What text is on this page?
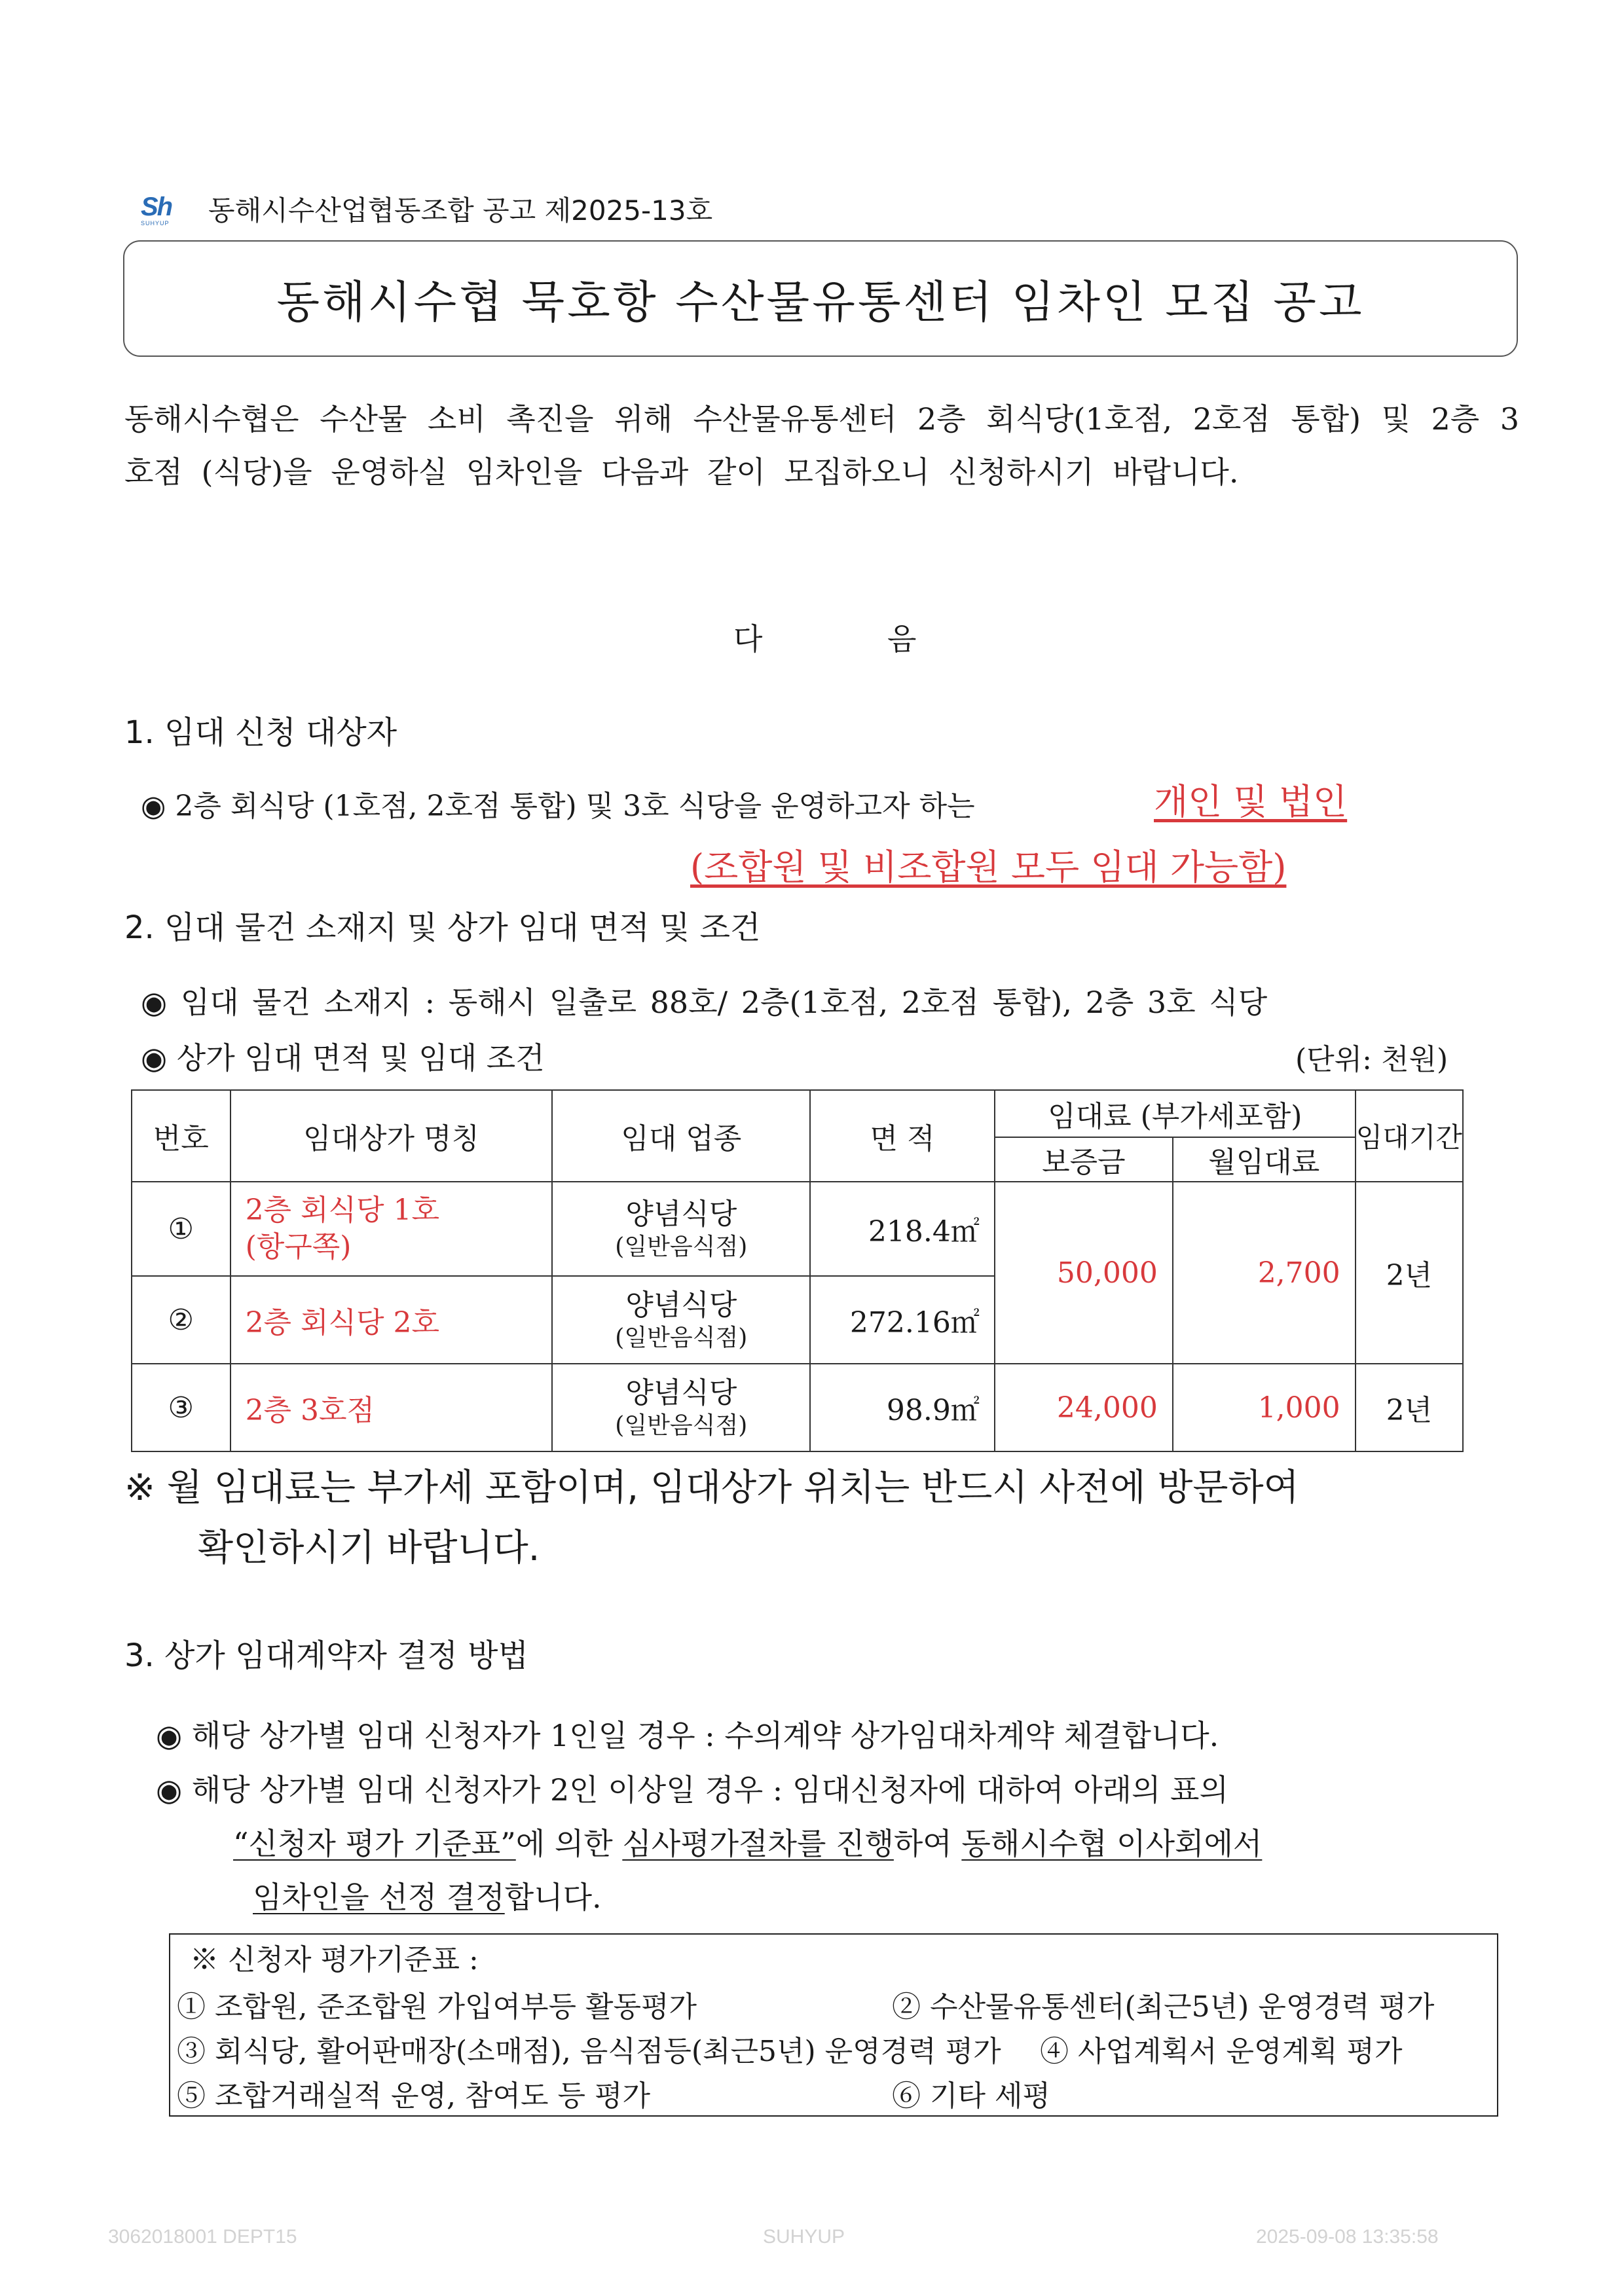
Sh
SUHYUP	동해시수산업협동조합 공고 제2025-13호
동해시수협 묵호항 수산물유통센터 임차인 모집 공고
동해시수협은 수산물 소비 촉진을 위해 수산물유통센터 2층 회식당(1호점, 2호점 통합) 및 2층 3호점 (식당)을 운영하실 임차인을 다음과 같이 모집하오니 신청하시기 바랍니다.
다	음
1. 임대 신청 대상자
◉ 2층 회식당 (1호점, 2호점 통합) 및 3호 식당을 운영하고자 하는	개인 및 법인
(조합원 및 비조합원 모두 임대 가능함)
2. 임대 물건 소재지 및 상가 임대 면적 및 조건
◉ 임대 물건 소재지 : 동해시 일출로 88호/ 2층(1호점, 2호점 통합), 2층 3호 식당
◉ 상가 임대 면적 및 임대 조건	(단위: 천원)
번호	임대상가 명칭	임대 업종	면 적	임대료 (부가세포함)		임대기간
				보증금	월임대료	
①	2층 회식당 1호
(항구쪽)	양념식당
(일반음식점)	218.4㎡	50,000	2,700	2년
②	2층 회식당 2호	양념식당
(일반음식점)	272.16㎡			
③	2층 3호점	양념식당
(일반음식점)	98.9㎡	24,000	1,000	2년
※ 월 임대료는 부가세 포함이며, 임대상가 위치는 반드시 사전에 방문하여
확인하시기 바랍니다.
3. 상가 임대계약자 결정 방법
◉ 해당 상가별 임대 신청자가 1인일 경우 : 수의계약 상가임대차계약 체결합니다.
◉ 해당 상가별 임대 신청자가 2인 이상일 경우 : 임대신청자에 대하여 아래의 표의
“신청자 평가 기준표”에 의한 심사평가절차를 진행하여 동해시수협 이사회에서
임차인을 선정 결정합니다.
※ 신청자 평가기준표 :
① 조합원, 준조합원 가입여부등 활동평가	② 수산물유통센터(최근5년) 운영경력 평가
③ 회식당, 활어판매장(소매점), 음식점등(최근5년) 운영경력 평가 ④ 사업계획서 운영계획 평가
⑤ 조합거래실적 운영, 참여도 등 평가	⑥ 기타 세평
3062018001 DEPT15	SUHYUP	2025-09-08 13:35:58
